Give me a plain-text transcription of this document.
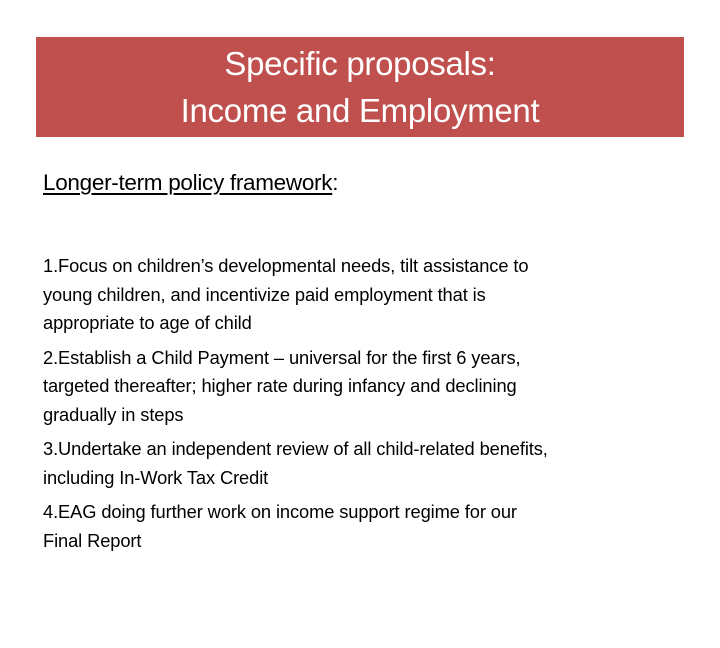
Specific proposals:
Income and Employment
Longer-term policy framework:
1.Focus on children’s developmental needs, tilt assistance to
young children, and incentivize paid employment that is
appropriate to age of child
2.Establish a Child Payment – universal for the first 6 years,
targeted thereafter; higher rate during infancy and declining
gradually in steps
3.Undertake an independent review of all child-related benefits,
including In-Work Tax Credit
4.EAG doing further work on income support regime for our
Final Report
